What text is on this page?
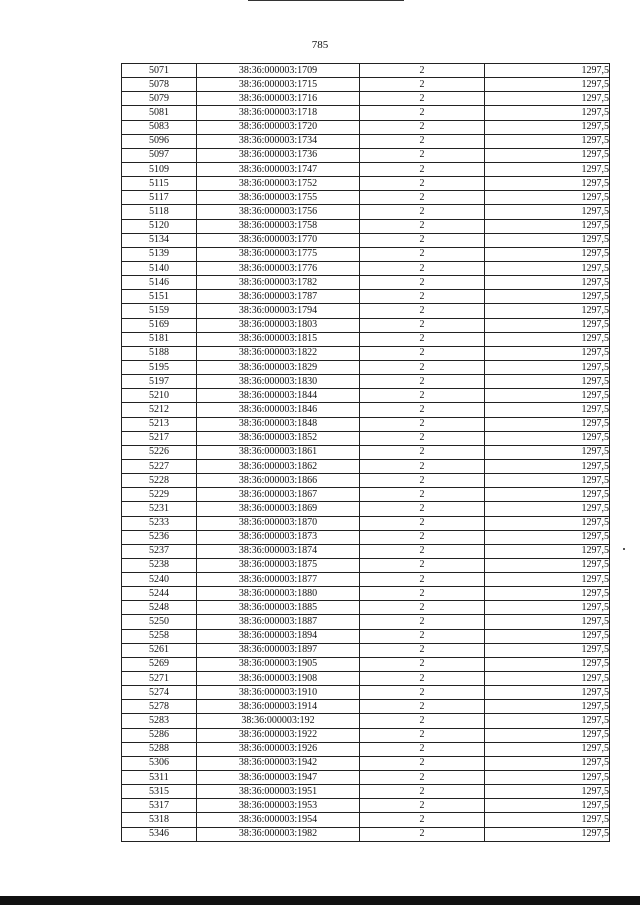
785
5071	38:36:000003:1709	2	1297,5
5078	38:36:000003:1715	2	1297,5
5079	38:36:000003:1716	2	1297,5
5081	38:36:000003:1718	2	1297,5
5083	38:36:000003:1720	2	1297,5
5096	38:36:000003:1734	2	1297,5
5097	38:36:000003:1736	2	1297,5
5109	38:36:000003:1747	2	1297,5
5115	38:36:000003:1752	2	1297,5
5117	38:36:000003:1755	2	1297,5
5118	38:36:000003:1756	2	1297,5
5120	38:36:000003:1758	2	1297,5
5134	38:36:000003:1770	2	1297,5
5139	38:36:000003:1775	2	1297,5
5140	38:36:000003:1776	2	1297,5
5146	38:36:000003:1782	2	1297,5
5151	38:36:000003:1787	2	1297,5
5159	38:36:000003:1794	2	1297,5
5169	38:36:000003:1803	2	1297,5
5181	38:36:000003:1815	2	1297,5
5188	38:36:000003:1822	2	1297,5
5195	38:36:000003:1829	2	1297,5
5197	38:36:000003:1830	2	1297,5
5210	38:36:000003:1844	2	1297,5
5212	38:36:000003:1846	2	1297,5
5213	38:36:000003:1848	2	1297,5
5217	38:36:000003:1852	2	1297,5
5226	38:36:000003:1861	2	1297,5
5227	38:36:000003:1862	2	1297,5
5228	38:36:000003:1866	2	1297,5
5229	38:36:000003:1867	2	1297,5
5231	38:36:000003:1869	2	1297,5
5233	38:36:000003:1870	2	1297,5
5236	38:36:000003:1873	2	1297,5
5237	38:36:000003:1874	2	1297,5
5238	38:36:000003:1875	2	1297,5
5240	38:36:000003:1877	2	1297,5
5244	38:36:000003:1880	2	1297,5
5248	38:36:000003:1885	2	1297,5
5250	38:36:000003:1887	2	1297,5
5258	38:36:000003:1894	2	1297,5
5261	38:36:000003:1897	2	1297,5
5269	38:36:000003:1905	2	1297,5
5271	38:36:000003:1908	2	1297,5
5274	38:36:000003:1910	2	1297,5
5278	38:36:000003:1914	2	1297,5
5283	38:36:000003:192	2	1297,5
5286	38:36:000003:1922	2	1297,5
5288	38:36:000003:1926	2	1297,5
5306	38:36:000003:1942	2	1297,5
5311	38:36:000003:1947	2	1297,5
5315	38:36:000003:1951	2	1297,5
5317	38:36:000003:1953	2	1297,5
5318	38:36:000003:1954	2	1297,5
5346	38:36:000003:1982	2	1297,5
